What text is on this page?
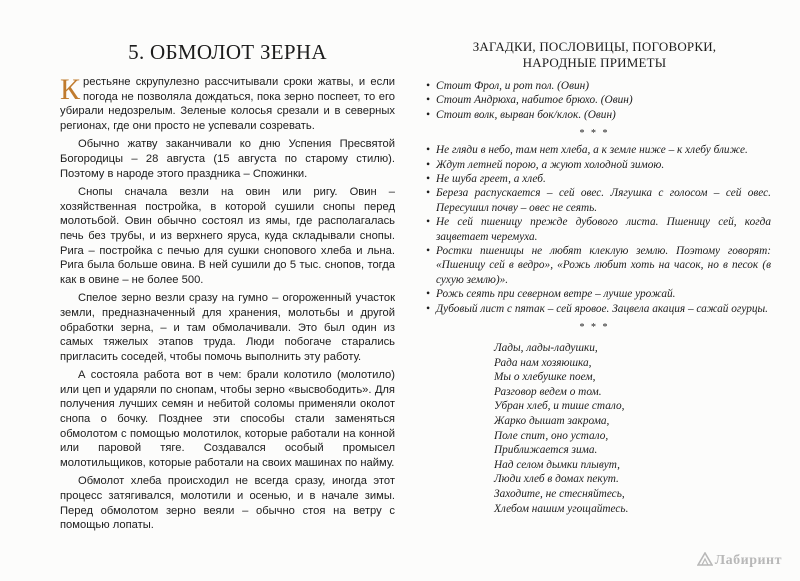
5. ОБМОЛОТ ЗЕРНА

Крестьяне скрупулезно рассчитывали сроки жатвы, и если погода не позволяла дождаться, пока зерно поспеет, то его убирали недозрелым. Зеленые колосья срезали и в северных регионах, где они просто не успевали созревать.

Обычно жатву заканчивали ко дню Успения Пресвятой Богородицы – 28 августа (15 августа по старому стилю). Поэтому в народе этого праздника – Спожинки.

Снопы сначала везли на овин или ригу. Овин – хозяйственная постройка, в которой сушили снопы перед молотьбой. Овин обычно состоял из ямы, где располагалась печь без трубы, и из верхнего яруса, куда складывали снопы. Рига – постройка с печью для сушки снопового хлеба и льна. Рига была больше овина. В ней сушили до 5 тыс. снопов, тогда как в овине – не более 500.

Спелое зерно везли сразу на гумно – огороженный участок земли, предназначенный для хранения, молотьбы и другой обработки зерна, – и там обмолачивали. Это был один из самых тяжелых этапов труда. Люди побогаче старались пригласить соседей, чтобы помочь выполнить эту работу.

А состояла работа вот в чем: брали колотило (молотило) или цеп и ударяли по снопам, чтобы зерно «высвободить». Для получения лучших семян и небитой соломы применяли околот снопа о бочку. Позднее эти способы стали заменяться обмолотом с помощью молотилок, которые работали на конной или паровой тяге. Создавался особый промысел молотильщиков, которые работали на своих машинах по найму.

Обмолот хлеба происходил не всегда сразу, иногда этот процесс затягивался, молотили и осенью, и в начале зимы. Перед обмолотом зерно веяли – обычно стоя на ветру с помощью лопаты.

ЗАГАДКИ, ПОСЛОВИЦЫ, ПОГОВОРКИ,
НАРОДНЫЕ ПРИМЕТЫ
• Стоит Фрол, и рот пол. (Овин)
• Стоит Андрюха, набитое брюхо. (Овин)
• Стоит волк, вырван бок/клок. (Овин)
* * *
• Не гляди в небо, там нет хлеба, а к земле ниже – к хлебу ближе.
• Ждут летней порою, а жуют холодной зимою.
• Не шуба греет, а хлеб.
• Береза распускается – сей овес. Лягушка с голосом – сей овес. Пересушил почву – овес не сеять.
• Не сей пшеницу прежде дубового листа. Пшеницу сей, когда зацветает черемуха.
• Ростки пшеницы не любят клеклую землю. Поэтому говорят: «Пшеницу сей в ведро», «Рожь любит хоть на часок, но в песок (в сухую землю)».
• Рожь сеять при северном ветре – лучше урожай.
• Дубовый лист с пятак – сей яровое. Зацвела акация – сажай огурцы.
* * *
Лады, лады-ладушки,
Рада нам хозяюшка,
Мы о хлебушке поем,
Разговор ведем о том.
Убран хлеб, и тише стало,
Жарко дышат закрома,
Поле спит, оно устало,
Приближается зима.
Над селом дымки плывут,
Люди хлеб в домах пекут.
Заходите, не стесняйтесь,
Хлебом нашим угощайтесь.
Лабиринт
